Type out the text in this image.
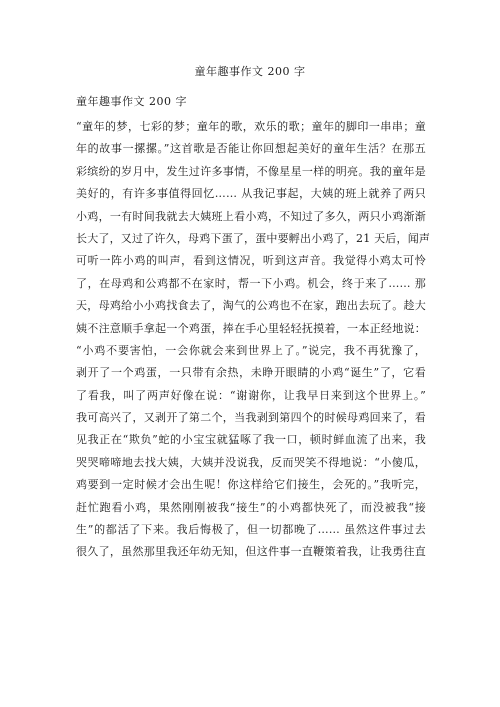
童年趣事作文 200 字
童年趣事作文 200 字
“童年的梦，七彩的梦；童年的歌，欢乐的歌；童年的脚印一串串；童
年的故事一摞摞。”这首歌是否能让你回想起美好的童年生活？在那五
彩缤纷的岁月中，发生过许多事情，不像星星一样的明亮。我的童年是
美好的，有许多事值得回忆…… 从我记事起，大姨的班上就养了两只
小鸡，一有时间我就去大姨班上看小鸡，不知过了多久，两只小鸡渐渐
长大了，又过了许久，母鸡下蛋了，蛋中要孵出小鸡了，21 天后，闻声
可听一阵小鸡的叫声，看到这情况，听到这声音。我觉得小鸡太可怜
了，在母鸡和公鸡都不在家时，帮一下小鸡。机会，终于来了…… 那
天，母鸡给小小鸡找食去了，淘气的公鸡也不在家，跑出去玩了。趁大
姨不注意顺手拿起一个鸡蛋，捧在手心里轻轻抚摸着，一本正经地说：
“小鸡不要害怕，一会你就会来到世界上了。”说完，我不再犹豫了，
剥开了一个鸡蛋，一只带有余热，未睁开眼睛的小鸡“诞生”了，它看
了看我，叫了两声好像在说：“谢谢你，让我早日来到这个世界上。”
我可高兴了，又剥开了第二个，当我剥到第四个的时候母鸡回来了，看
见我正在“欺负”蛇的小宝宝就猛啄了我一口，顿时鲜血流了出来，我
哭哭啼啼地去找大姨，大姨并没说我，反而哭笑不得地说：“小傻瓜，
鸡要到一定时候才会出生呢！你这样给它们接生，会死的。”我听完，
赶忙跑看小鸡，果然刚刚被我“接生”的小鸡都快死了，而没被我“接
生”的都活了下来。我后悔极了，但一切都晚了…… 虽然这件事过去
很久了，虽然那里我还年幼无知，但这件事一直鞭策着我，让我勇往直
